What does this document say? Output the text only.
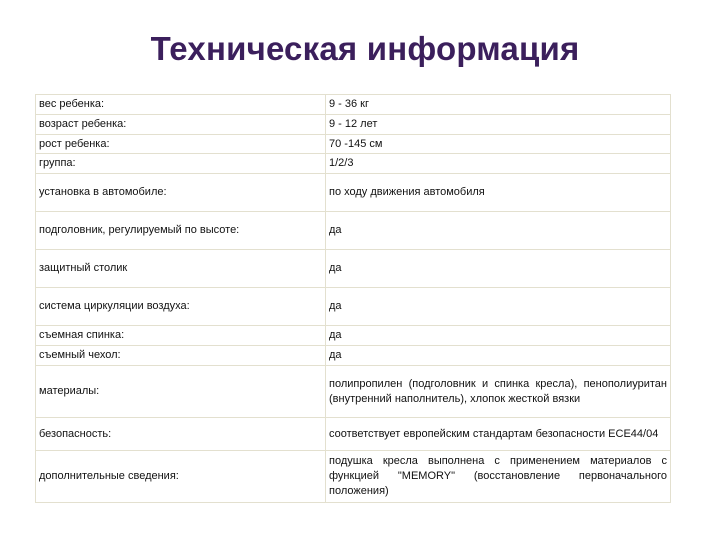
Техническая информация
вес ребенка:	9 - 36 кг
возраст ребенка:	9 - 12 лет
рост ребенка:	70 -145 см
группа:	1/2/3
установка в автомобиле:	по ходу движения автомобиля
подголовник, регулируемый по высоте:	да
защитный столик	да
система циркуляции воздуха:	да
съемная спинка:	да
съемный чехол:	да
материалы:	полипропилен (подголовник и спинка кресла), пенополиуритан (внутренний наполнитель), хлопок жесткой вязки
безопасность:	соответствует европейским стандартам безопасности ECE44/04
дополнительные сведения:	подушка кресла выполнена с применением материалов с функцией "MEMORY" (восстановление первоначального положения)
